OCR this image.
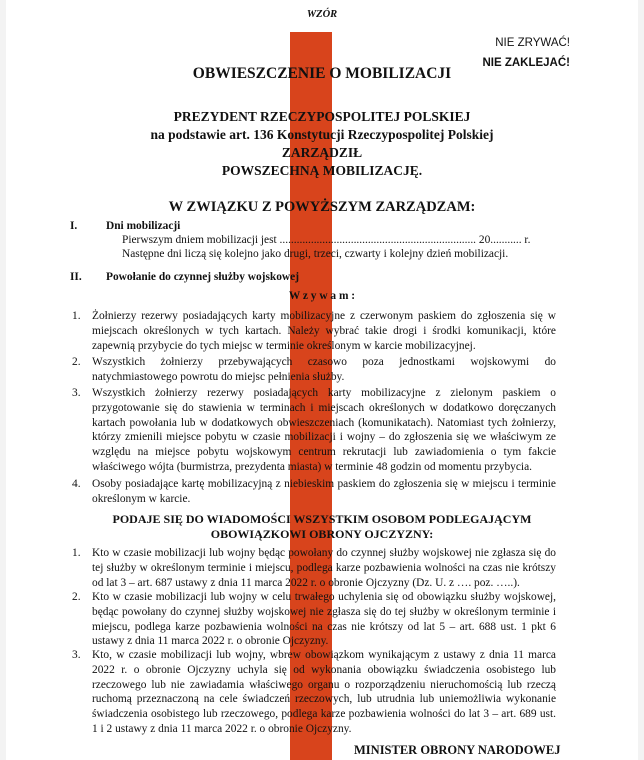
WZÓR
NIE ZRYWAĆ!
NIE ZAKLEJAĆ!
OBWIESZCZENIE O MOBILIZACJI
PREZYDENT RZECZYPOSPOLITEJ POLSKIEJ
na podstawie art. 136 Konstytucji Rzeczypospolitej Polskiej
ZARZĄDZIŁ
POWSZECHNĄ MOBILIZACJĘ.
W ZWIĄZKU Z POWYŻSZYM ZARZĄDZAM:
I.	Dni mobilizacji
Pierwszym dniem mobilizacji jest ..................................................................... 20........... r.
Następne dni liczą się kolejno jako drugi, trzeci, czwarty i kolejny dzień mobilizacji.
II. Powołanie do czynnej służby wojskowej
W z y w a m :
1. Żołnierzy rezerwy posiadających karty mobilizacyjne z czerwonym paskiem do zgłoszenia się w miejscach określonych w tych kartach. Należy wybrać takie drogi i środki komunikacji, które zapewnią przybycie do tych miejsc w terminie określonym w karcie mobilizacyjnej.
2. Wszystkich żołnierzy przebywających czasowo poza jednostkami wojskowymi do natychmiastowego powrotu do miejsc pełnienia służby.
3. Wszystkich żołnierzy rezerwy posiadających karty mobilizacyjne z zielonym paskiem o przygotowanie się do stawienia w terminach i miejscach określonych w dodatkowo doręczanych kartach powołania lub w dodatkowych obwieszczeniach (komunikatach). Natomiast tych żołnierzy, którzy zmienili miejsce pobytu w czasie mobilizacji i wojny – do zgłoszenia się we właściwym ze względu na miejsce pobytu wojskowym centrum rekrutacji lub zawiadomienia o tym fakcie właściwego wójta (burmistrza, prezydenta miasta) w terminie 48 godzin od momentu przybycia.
4. Osoby posiadające kartę mobilizacyjną z niebieskim paskiem do zgłoszenia się w miejscu i terminie określonym w karcie.
PODAJE SIĘ DO WIADOMOŚCI WSZYSTKIM OSOBOM PODLEGAJĄCYM
OBOWIĄZKOWI OBRONY OJCZYZNY:
1. Kto w czasie mobilizacji lub wojny będąc powołany do czynnej służby wojskowej nie zgłasza się do tej służby w określonym terminie i miejscu, podlega karze pozbawienia wolności na czas nie krótszy od lat 3 – art. 687 ustawy z dnia 11 marca 2022 r. o obronie Ojczyzny (Dz. U. z …. poz. …..).
2. Kto w czasie mobilizacji lub wojny w celu trwałego uchylenia się od obowiązku służby wojskowej, będąc powołany do czynnej służby wojskowej nie zgłasza się do tej służby w określonym terminie i miejscu, podlega karze pozbawienia wolności na czas nie krótszy od lat 5 – art. 688 ust. 1 pkt 6 ustawy z dnia 11 marca 2022 r. o obronie Ojczyzny.
3. Kto, w czasie mobilizacji lub wojny, wbrew obowiązkom wynikającym z ustawy z dnia 11 marca 2022 r. o obronie Ojczyzny uchyla się od wykonania obowiązku świadczenia osobistego lub rzeczowego lub nie zawiadamia właściwego organu o rozporządzeniu nieruchomością lub rzeczą ruchomą przeznaczoną na cele świadczeń rzeczowych, lub utrudnia lub uniemożliwia wykonanie świadczenia osobistego lub rzeczowego, podlega karze pozbawienia wolności do lat 3 – art. 689 ust. 1 i 2 ustawy z dnia 11 marca 2022 r. o obronie Ojczyzny.
MINISTER OBRONY NARODOWEJ
